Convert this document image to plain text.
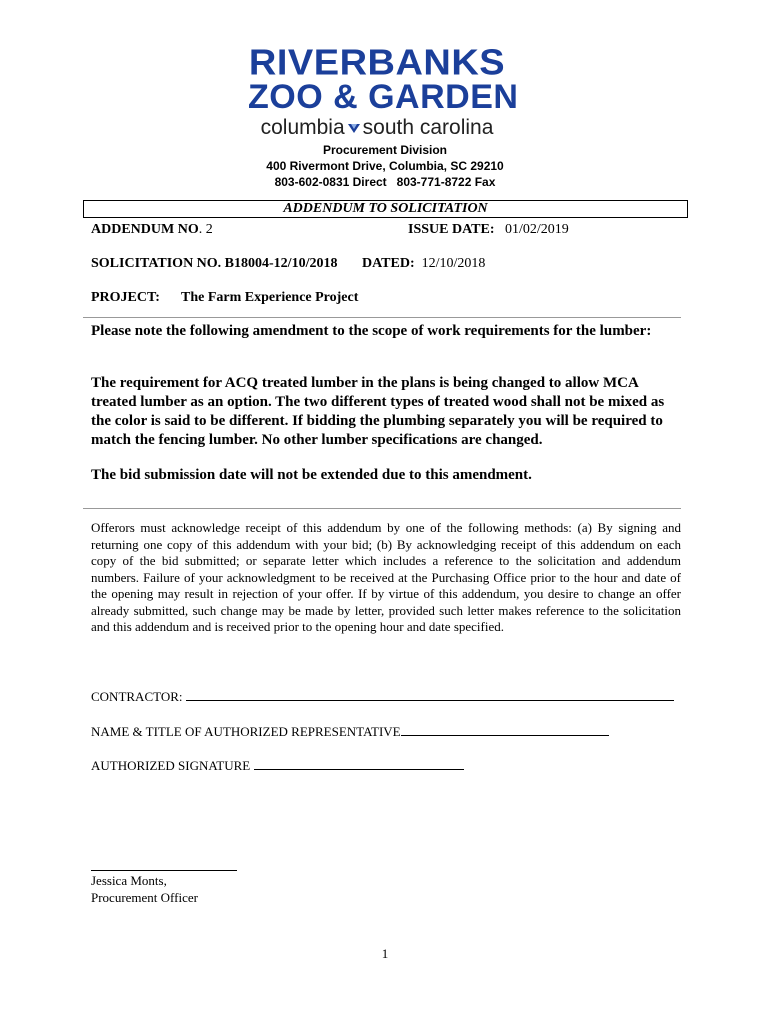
RIVERBANKS
ZOO & GARDEN
columbia south carolina
Procurement Division
400 Rivermont Drive, Columbia, SC 29210
803-602-0831 Direct   803-771-8722 Fax
ADDENDUM TO SOLICITATION
ADDENDUM NO. 2	ISSUE DATE: 01/02/2019
SOLICITATION NO. B18004-12/10/2018 DATED: 12/10/2018
PROJECT: The Farm Experience Project
Please note the following amendment to the scope of work requirements for the lumber:
The requirement for ACQ treated lumber in the plans is being changed to allow MCA treated lumber as an option. The two different types of treated wood shall not be mixed as the color is said to be different. If bidding the plumbing separately you will be required to match the fencing lumber. No other lumber specifications are changed.
The bid submission date will not be extended due to this amendment.
Offerors must acknowledge receipt of this addendum by one of the following methods: (a) By signing and returning one copy of this addendum with your bid; (b) By acknowledging receipt of this addendum on each copy of the bid submitted; or separate letter which includes a reference to the solicitation and addendum numbers. Failure of your acknowledgment to be received at the Purchasing Office prior to the hour and date of the opening may result in rejection of your offer. If by virtue of this addendum, you desire to change an offer already submitted, such change may be made by letter, provided such letter makes reference to the solicitation and this addendum and is received prior to the opening hour and date specified.
CONTRACTOR:
NAME & TITLE OF AUTHORIZED REPRESENTATIVE
AUTHORIZED SIGNATURE
Jessica Monts,
Procurement Officer
1
